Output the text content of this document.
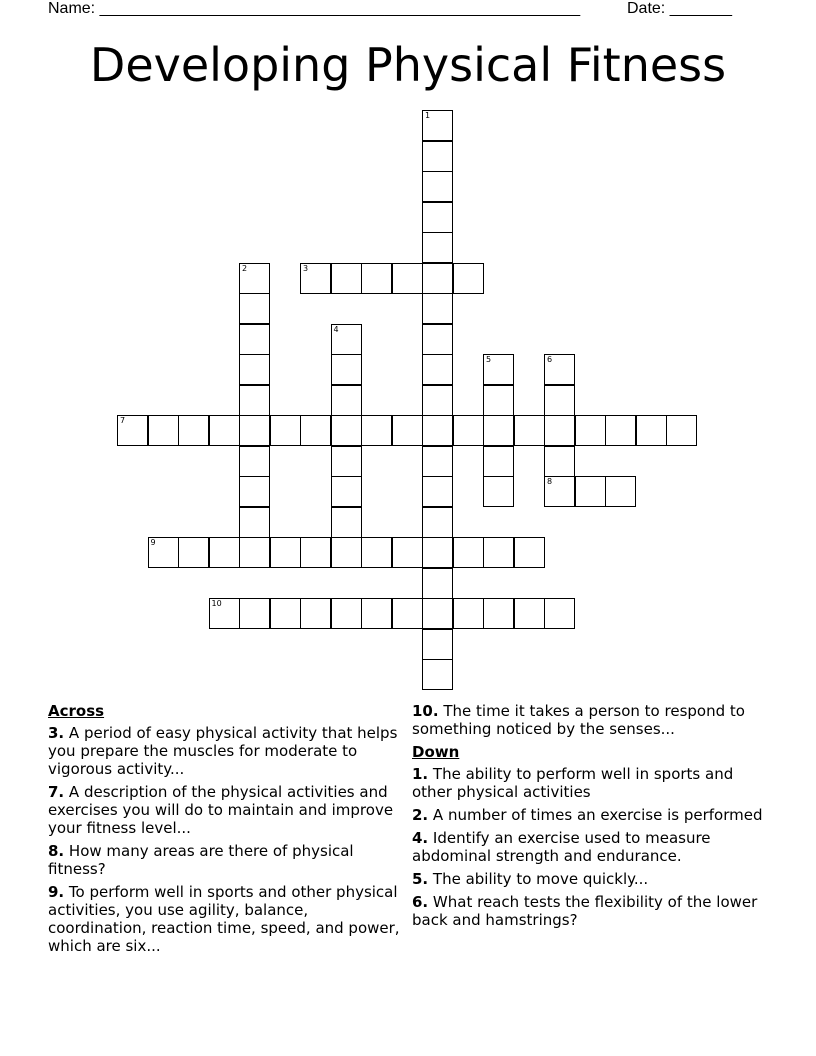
Name: ______________________________________________________	Date: _______
Developing Physical Fitness
1
2	3
4
5	6
8
7
9
10
Across
3. A period of easy physical activity that helps you prepare the muscles for moderate to vigorous activity...
7. A description of the physical activities and exercises you will do to maintain and improve your fitness level...
8. How many areas are there of physical fitness?
9. To perform well in sports and other physical activities, you use agility, balance, coordination, reaction time, speed, and power, which are six...
10. The time it takes a person to respond to something noticed by the senses...
Down
1. The ability to perform well in sports and other physical activities
2. A number of times an exercise is performed
4. Identify an exercise used to measure abdominal strength and endurance.
5. The ability to move quickly...
6. What reach tests the flexibility of the lower back and hamstrings?
